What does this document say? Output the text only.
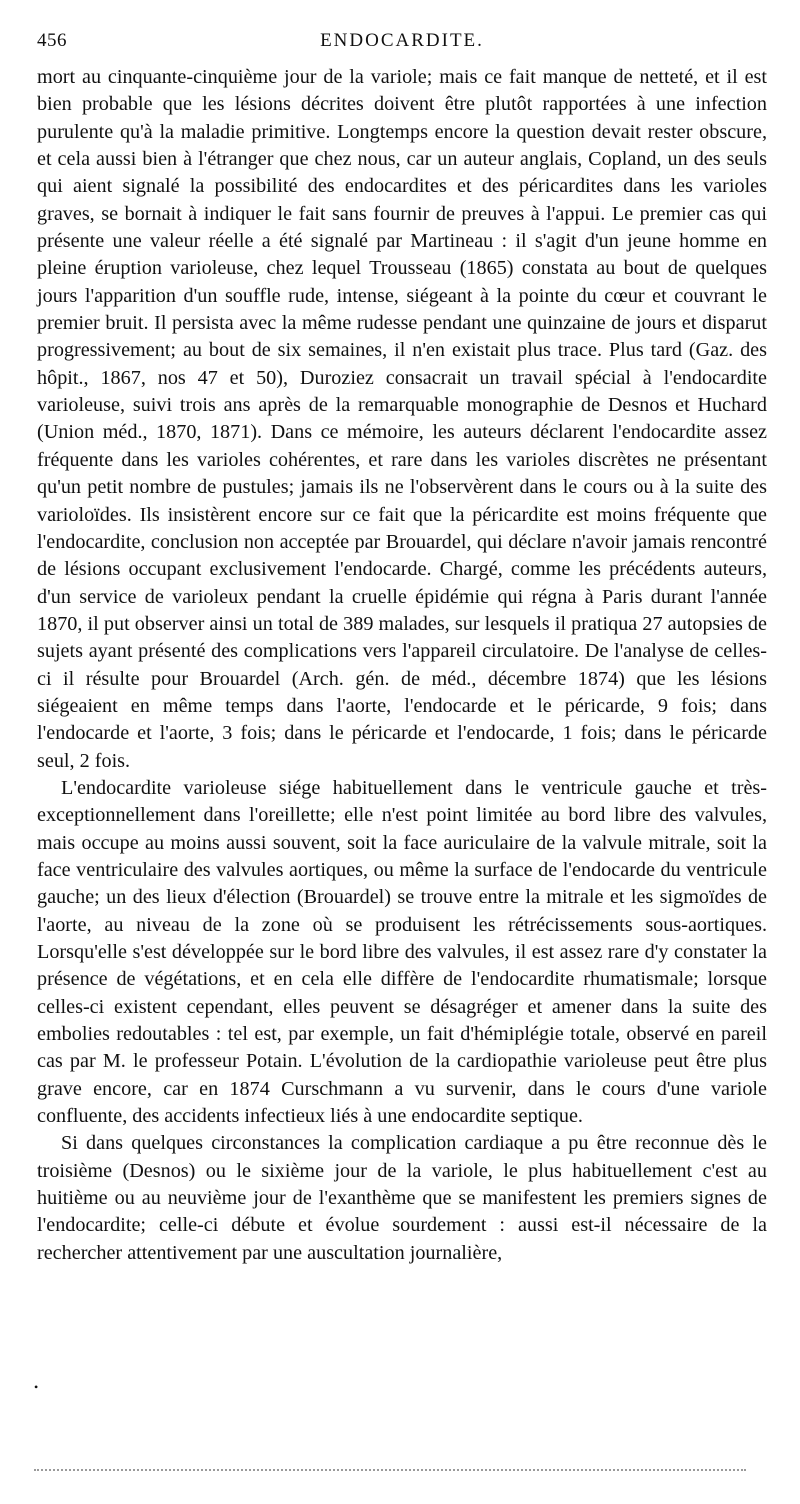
456	ENDOCARDITE.

mort au cinquante-cinquième jour de la variole; mais ce fait manque de netteté, et il est bien probable que les lésions décrites doivent être plutôt rapportées à une infection purulente qu'à la maladie primitive. Longtemps encore la question devait rester obscure, et cela aussi bien à l'étranger que chez nous, car un auteur anglais, Copland, un des seuls qui aient signalé la possibilité des endocardites et des péricardites dans les varioles graves, se bornait à indiquer le fait sans fournir de preuves à l'appui. Le premier cas qui présente une valeur réelle a été signalé par Martineau : il s'agit d'un jeune homme en pleine éruption varioleuse, chez lequel Trousseau (1865) constata au bout de quelques jours l'apparition d'un souffle rude, intense, siégeant à la pointe du cœur et couvrant le premier bruit. Il persista avec la même rudesse pendant une quinzaine de jours et disparut progressivement; au bout de six semaines, il n'en existait plus trace. Plus tard (Gaz. des hôpit., 1867, nos 47 et 50), Duroziez consacrait un travail spécial à l'endocardite varioleuse, suivi trois ans après de la remarquable monographie de Desnos et Huchard (Union méd., 1870, 1871). Dans ce mémoire, les auteurs déclarent l'endocardite assez fréquente dans les varioles cohérentes, et rare dans les varioles discrètes ne présentant qu'un petit nombre de pustules; jamais ils ne l'observèrent dans le cours ou à la suite des varioloïdes. Ils insistèrent encore sur ce fait que la péricardite est moins fréquente que l'endocardite, conclusion non acceptée par Brouardel, qui déclare n'avoir jamais rencontré de lésions occupant exclusivement l'endocarde. Chargé, comme les précédents auteurs, d'un service de varioleux pendant la cruelle épidémie qui régna à Paris durant l'année 1870, il put observer ainsi un total de 389 malades, sur lesquels il pratiqua 27 autopsies de sujets ayant présenté des complications vers l'appareil circulatoire. De l'analyse de celles-ci il résulte pour Brouardel (Arch. gén. de méd., décembre 1874) que les lésions siégeaient en même temps dans l'aorte, l'endocarde et le péricarde, 9 fois; dans l'endocarde et l'aorte, 3 fois; dans le péricarde et l'endocarde, 1 fois; dans le péricarde seul, 2 fois.

L'endocardite varioleuse siége habituellement dans le ventricule gauche et très-exceptionnellement dans l'oreillette; elle n'est point limitée au bord libre des valvules, mais occupe au moins aussi souvent, soit la face auriculaire de la valvule mitrale, soit la face ventriculaire des valvules aortiques, ou même la surface de l'endocarde du ventricule gauche; un des lieux d'élection (Brouardel) se trouve entre la mitrale et les sigmoïdes de l'aorte, au niveau de la zone où se produisent les rétrécissements sous-aortiques. Lorsqu'elle s'est développée sur le bord libre des valvules, il est assez rare d'y constater la présence de végétations, et en cela elle diffère de l'endocardite rhumatismale; lorsque celles-ci existent cependant, elles peuvent se désagréger et amener dans la suite des embolies redoutables : tel est, par exemple, un fait d'hémiplégie totale, observé en pareil cas par M. le professeur Potain. L'évolution de la cardiopathie varioleuse peut être plus grave encore, car en 1874 Curschmann a vu survenir, dans le cours d'une variole confluente, des accidents infectieux liés à une endocardite septique.

Si dans quelques circonstances la complication cardiaque a pu être reconnue dès le troisième (Desnos) ou le sixième jour de la variole, le plus habituellement c'est au huitième ou au neuvième jour de l'exanthème que se manifestent les premiers signes de l'endocardite; celle-ci débute et évolue sourdement : aussi est-il nécessaire de la rechercher attentivement par une auscultation journalière,

•
